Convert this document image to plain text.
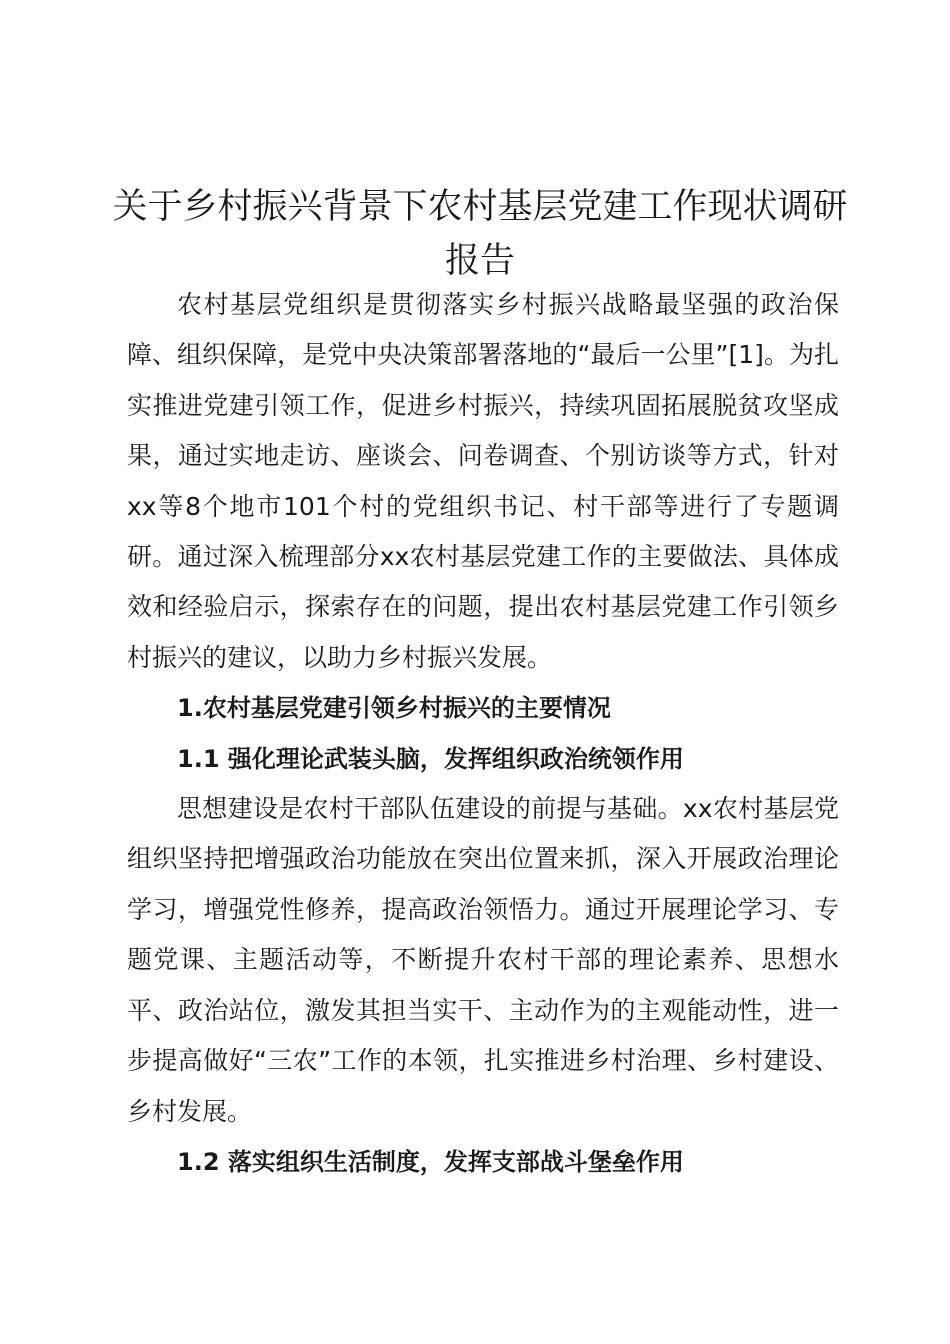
关于乡村振兴背景下农村基层党建工作现状调研报告

农村基层党组织是贯彻落实乡村振兴战略最坚强的政治保障、组织保障，是党中央决策部署落地的“最后一公里”[1]。为扎实推进党建引领工作，促进乡村振兴，持续巩固拓展脱贫攻坚成果，通过实地走访、座谈会、问卷调查、个别访谈等方式，针对xx等8个地市101个村的党组织书记、村干部等进行了专题调研。通过深入梳理部分xx农村基层党建工作的主要做法、具体成效和经验启示，探索存在的问题，提出农村基层党建工作引领乡村振兴的建议，以助力乡村振兴发展。

1.农村基层党建引领乡村振兴的主要情况
1.1 强化理论武装头脑，发挥组织政治统领作用

思想建设是农村干部队伍建设的前提与基础。xx农村基层党组织坚持把增强政治功能放在突出位置来抓，深入开展政治理论学习，增强党性修养，提高政治领悟力。通过开展理论学习、专题党课、主题活动等，不断提升农村干部的理论素养、思想水平、政治站位，激发其担当实干、主动作为的主观能动性，进一步提高做好“三农”工作的本领，扎实推进乡村治理、乡村建设、乡村发展。

1.2 落实组织生活制度，发挥支部战斗堡垒作用
